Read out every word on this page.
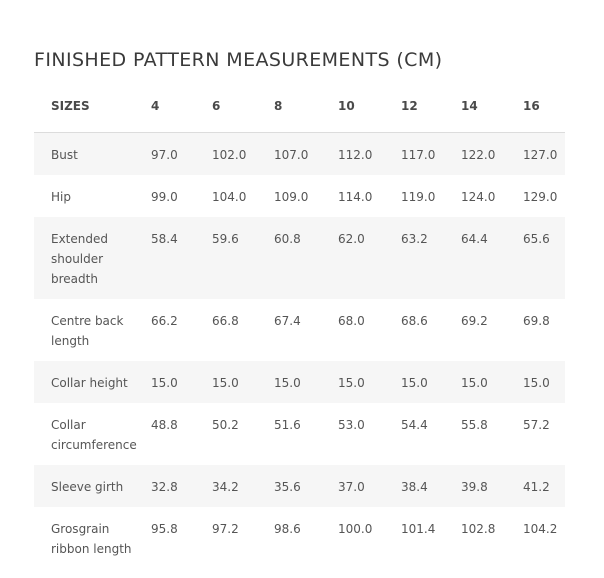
FINISHED PATTERN MEASUREMENTS (CM)
SIZES	4	6	8	10	12	14	16
Bust	97.0	102.0	107.0	112.0	117.0	122.0	127.0
Hip	99.0	104.0	109.0	114.0	119.0	124.0	129.0
Extended shoulder breadth	58.4	59.6	60.8	62.0	63.2	64.4	65.6
Centre back length	66.2	66.8	67.4	68.0	68.6	69.2	69.8
Collar height	15.0	15.0	15.0	15.0	15.0	15.0	15.0
Collar circumference	48.8	50.2	51.6	53.0	54.4	55.8	57.2
Sleeve girth	32.8	34.2	35.6	37.0	38.4	39.8	41.2
Grosgrain ribbon length	95.8	97.2	98.6	100.0	101.4	102.8	104.2
